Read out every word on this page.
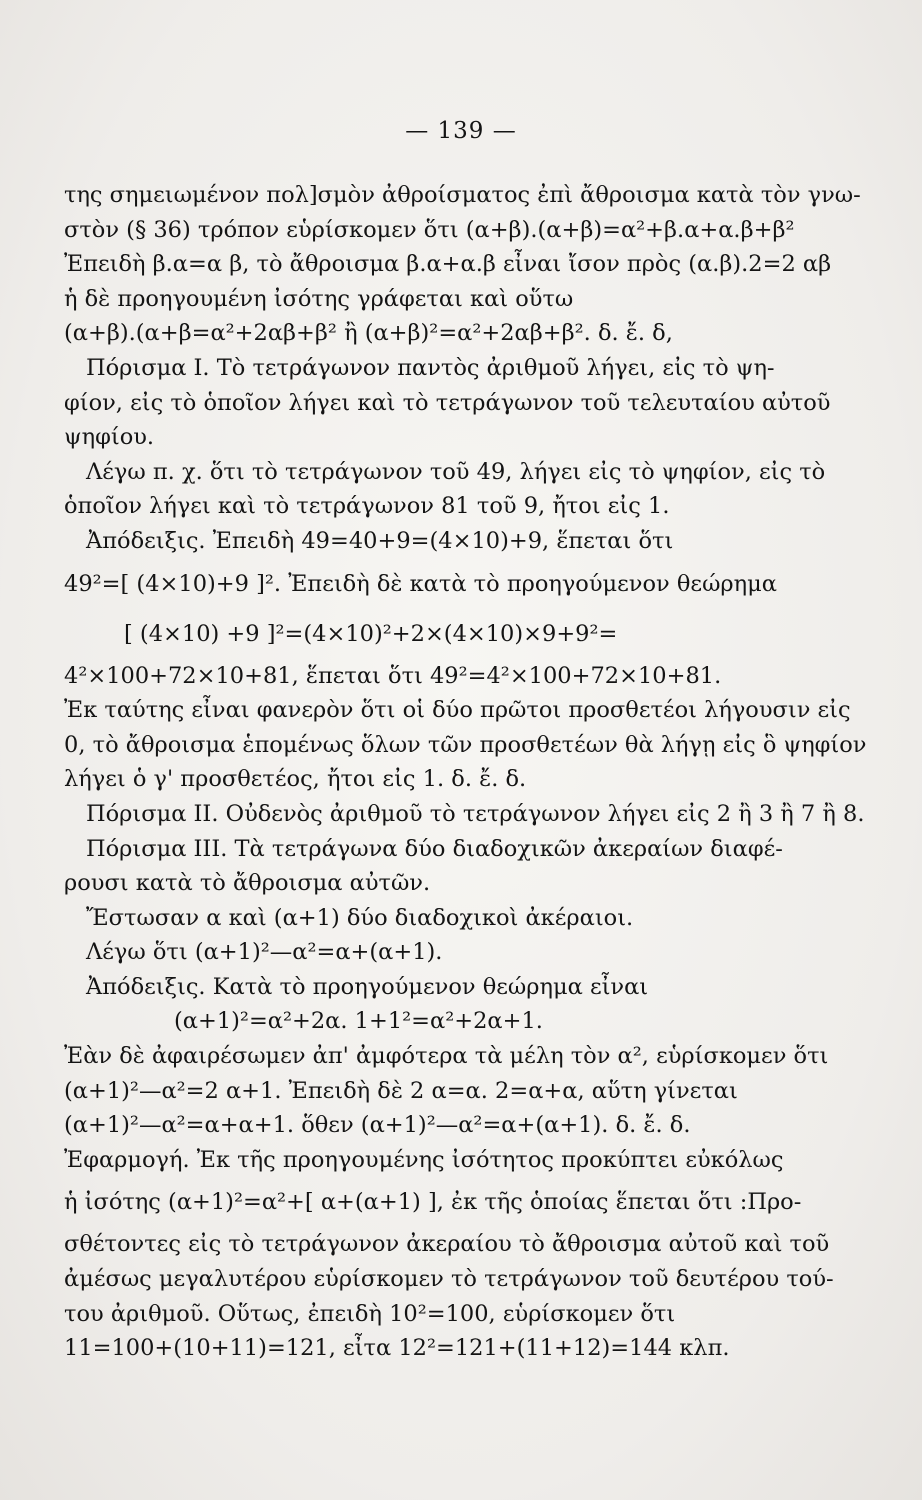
— 139 —
της σημειωμένον πολ]σμὸν ἀθροίσματος ἐπὶ ἄθροισμα κατὰ τὸν γνω-
στὸν (§ 36) τρόπον εὑρίσκομεν ὅτι (α+β).(α+β)=α²+β.α+α.β+β²
Ἐπειδὴ β.α=α β, τὸ ἄθροισμα β.α+α.β εἶναι ἴσον πρὸς (α.β).2=2 αβ
ἡ δὲ προηγουμένη ἰσότης γράφεται καὶ οὕτω
(α+β).(α+β=α²+2αβ+β² ἢ (α+β)²=α²+2αβ+β². δ. ἔ. δ,
Πόρισμα I. Τὸ τετράγωνον παντὸς ἀριθμοῦ λήγει, εἰς τὸ ψη-
φίον, εἰς τὸ ὁποῖον λήγει καὶ τὸ τετράγωνον τοῦ τελευταίου αὐτοῦ
ψηφίου.
Λέγω π. χ. ὅτι τὸ τετράγωνον τοῦ 49, λήγει εἰς τὸ ψηφίον, εἰς τὸ
ὁποῖον λήγει καὶ τὸ τετράγωνον 81 τοῦ 9, ἤτοι εἰς 1.
Ἀπόδειξις. Ἐπειδὴ 49=40+9=(4×10)+9, ἕπεται ὅτι
49²=[ (4×10)+9 ]². Ἐπειδὴ δὲ κατὰ τὸ προηγούμενον θεώρημα
[ (4×10) +9 ]²=(4×10)²+2×(4×10)×9+9²=
4²×100+72×10+81, ἕπεται ὅτι 49²=4²×100+72×10+81.
Ἐκ ταύτης εἶναι φανερὸν ὅτι οἱ δύο πρῶτοι προσθετέοι λήγουσιν εἰς
0, τὸ ἄθροισμα ἑπομένως ὅλων τῶν προσθετέων θὰ λήγῃ εἰς ὃ ψηφίον
λήγει ὁ γ' προσθετέος, ἤτοι εἰς 1. δ. ἔ. δ.
Πόρισμα II. Οὐδενὸς ἀριθμοῦ τὸ τετράγωνον λήγει εἰς 2 ἢ 3 ἢ 7 ἢ 8.
Πόρισμα III. Τὰ τετράγωνα δύο διαδοχικῶν ἀκεραίων διαφέ-
ρουσι κατὰ τὸ ἄθροισμα αὐτῶν.
Ἔστωσαν α καὶ (α+1) δύο διαδοχικοὶ ἀκέραιοι.
Λέγω ὅτι (α+1)²—α²=α+(α+1).
Ἀπόδειξις. Κατὰ τὸ προηγούμενον θεώρημα εἶναι
(α+1)²=α²+2α. 1+1²=α²+2α+1.
Ἐὰν δὲ ἀφαιρέσωμεν ἀπ' ἀμφότερα τὰ μέλη τὸν α², εὑρίσκομεν ὅτι
(α+1)²—α²=2 α+1. Ἐπειδὴ δὲ 2 α=α. 2=α+α, αὕτη γίνεται
(α+1)²—α²=α+α+1. ὅθεν (α+1)²—α²=α+(α+1). δ. ἔ. δ.
Ἐφαρμογή. Ἐκ τῆς προηγουμένης ἰσότητος προκύπτει εὐκόλως
ἡ ἰσότης (α+1)²=α²+[ α+(α+1) ], ἐκ τῆς ὁποίας ἕπεται ὅτι :Προ-
σθέτοντες εἰς τὸ τετράγωνον ἀκεραίου τὸ ἄθροισμα αὐτοῦ καὶ τοῦ
ἀμέσως μεγαλυτέρου εὑρίσκομεν τὸ τετράγωνον τοῦ δευτέρου τού-
του ἀριθμοῦ. Οὕτως, ἐπειδὴ 10²=100, εὑρίσκομεν ὅτι
11=100+(10+11)=121, εἶτα 12²=121+(11+12)=144 κλπ.
